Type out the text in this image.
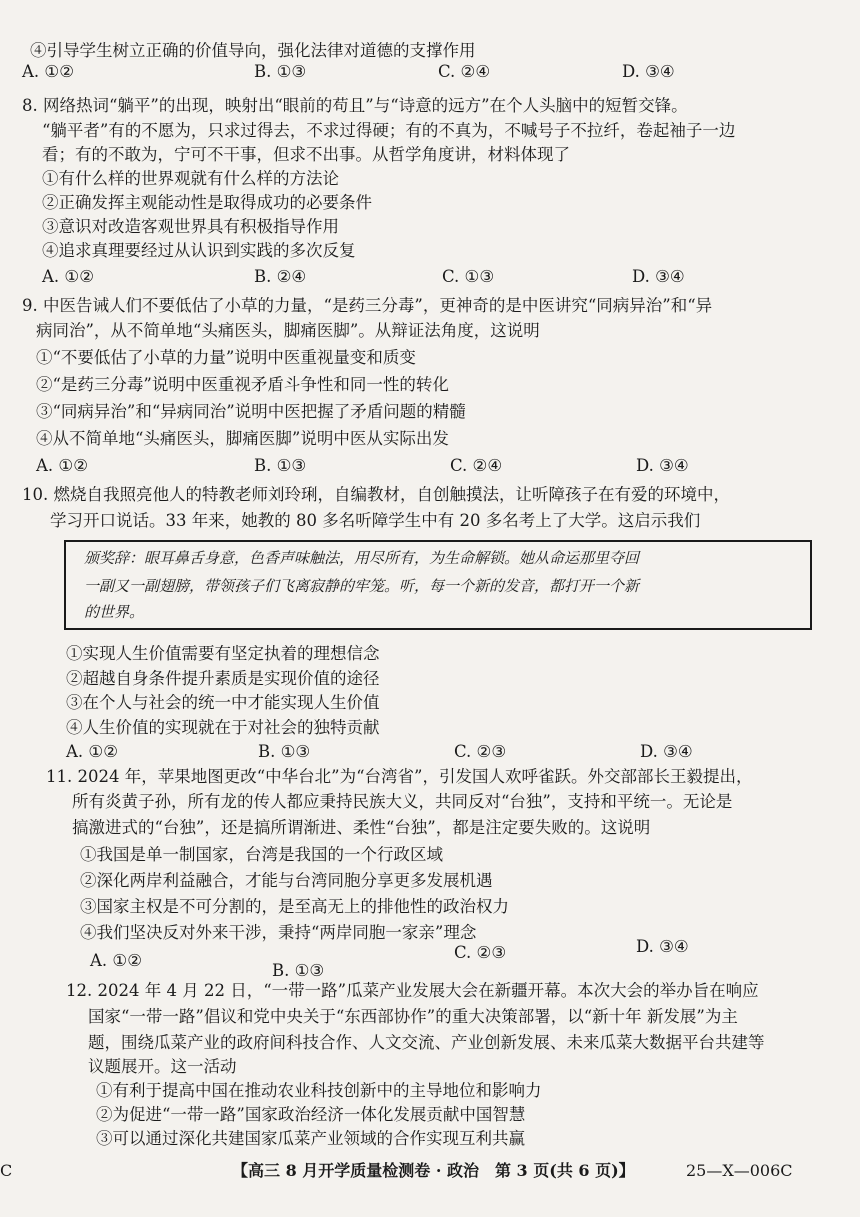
④引导学生树立正确的价值导向，强化法律对道德的支撑作用
A. ①②	B. ①③	C. ②④	D. ③④
8. 网络热词“躺平”的出现，映射出“眼前的苟且”与“诗意的远方”在个人头脑中的短暂交锋。
“躺平者”有的不愿为，只求过得去，不求过得硬；有的不真为，不喊号子不拉纤，卷起袖子一边
看；有的不敢为，宁可不干事，但求不出事。从哲学角度讲，材料体现了
①有什么样的世界观就有什么样的方法论
②正确发挥主观能动性是取得成功的必要条件
③意识对改造客观世界具有积极指导作用
④追求真理要经过从认识到实践的多次反复
A. ①②	B. ②④	C. ①③	D. ③④
9. 中医告诫人们不要低估了小草的力量，“是药三分毒”，更神奇的是中医讲究“同病异治”和“异
病同治”，从不简单地“头痛医头，脚痛医脚”。从辩证法角度，这说明
①“不要低估了小草的力量”说明中医重视量变和质变
②“是药三分毒”说明中医重视矛盾斗争性和同一性的转化
③“同病异治”和“异病同治”说明中医把握了矛盾问题的精髓
④从不简单地“头痛医头，脚痛医脚”说明中医从实际出发
A. ①②	B. ①③	C. ②④	D. ③④
10. 燃烧自我照亮他人的特教老师刘玲琍，自编教材，自创触摸法，让听障孩子在有爱的环境中，
学习开口说话。33 年来，她教的 80 多名听障学生中有 20 多名考上了大学。这启示我们
颁奖辞：眼耳鼻舌身意，色香声味触法，用尽所有，为生命解锁。她从命运那里夺回
一副又一副翅膀，带领孩子们飞离寂静的牢笼。听，每一个新的发音，都打开一个新
的世界。
①实现人生价值需要有坚定执着的理想信念
②超越自身条件提升素质是实现价值的途径
③在个人与社会的统一中才能实现人生价值
④人生价值的实现就在于对社会的独特贡献
A. ①②	B. ①③	C. ②③	D. ③④
11. 2024 年，苹果地图更改“中华台北”为“台湾省”，引发国人欢呼雀跃。外交部部长王毅提出，
所有炎黄子孙，所有龙的传人都应秉持民族大义，共同反对“台独”，支持和平统一。无论是
搞激进式的“台独”，还是搞所谓渐进、柔性“台独”，都是注定要失败的。这说明
①我国是单一制国家，台湾是我国的一个行政区域
②深化两岸利益融合，才能与台湾同胞分享更多发展机遇
③国家主权是不可分割的，是至高无上的排他性的政治权力
④我们坚决反对外来干涉，秉持“两岸同胞一家亲”理念
A. ①②
B. ①③
C. ②③	D. ③④
12. 2024 年 4 月 22 日，“一带一路”瓜菜产业发展大会在新疆开幕。本次大会的举办旨在响应
国家“一带一路”倡议和党中央关于“东西部协作”的重大决策部署，以“新十年 新发展”为主
题，围绕瓜菜产业的政府间科技合作、人文交流、产业创新发展、未来瓜菜大数据平台共建等
议题展开。这一活动
①有利于提高中国在推动农业科技创新中的主导地位和影响力
②为促进“一带一路”国家政治经济一体化发展贡献中国智慧
③可以通过深化共建国家瓜菜产业领域的合作实现互利共赢
C	【高三 8 月开学质量检测卷 · 政治　第 3 页(共 6 页)】	25—X—006C
